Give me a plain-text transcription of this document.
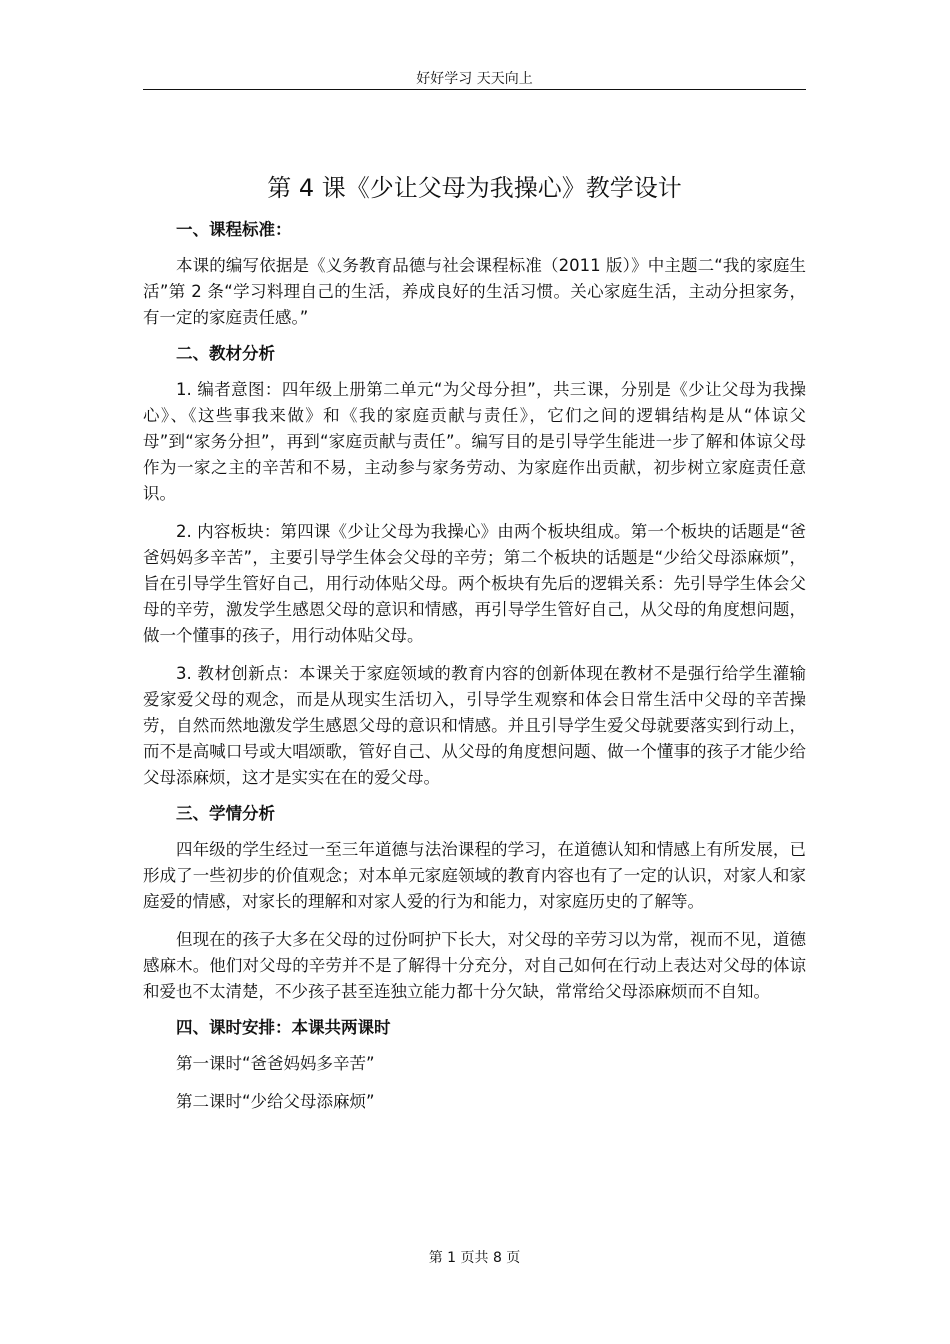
好好学习 天天向上
第 4 课《少让父母为我操心》教学设计
一、课程标准：

本课的编写依据是《义务教育品德与社会课程标准（2011 版）》中主题二“我的家庭生活”第 2 条“学习料理自己的生活，养成良好的生活习惯。关心家庭生活，主动分担家务，有一定的家庭责任感。”

二、教材分析

1. 编者意图：四年级上册第二单元“为父母分担”，共三课，分别是《少让父母为我操心》、《这些事我来做》和《我的家庭贡献与责任》，它们之间的逻辑结构是从“体谅父母”到“家务分担”，再到“家庭贡献与责任”。编写目的是引导学生能进一步了解和体谅父母作为一家之主的辛苦和不易，主动参与家务劳动、为家庭作出贡献，初步树立家庭责任意识。

2. 内容板块：第四课《少让父母为我操心》由两个板块组成。第一个板块的话题是“爸爸妈妈多辛苦”，主要引导学生体会父母的辛劳；第二个板块的话题是“少给父母添麻烦”，旨在引导学生管好自己，用行动体贴父母。两个板块有先后的逻辑关系：先引导学生体会父母的辛劳，激发学生感恩父母的意识和情感，再引导学生管好自己，从父母的角度想问题，做一个懂事的孩子，用行动体贴父母。

3. 教材创新点：本课关于家庭领域的教育内容的创新体现在教材不是强行给学生灌输爱家爱父母的观念，而是从现实生活切入，引导学生观察和体会日常生活中父母的辛苦操劳，自然而然地激发学生感恩父母的意识和情感。并且引导学生爱父母就要落实到行动上，而不是高喊口号或大唱颂歌，管好自己、从父母的角度想问题、做一个懂事的孩子才能少给父母添麻烦，这才是实实在在的爱父母。

三、学情分析

四年级的学生经过一至三年道德与法治课程的学习，在道德认知和情感上有所发展，已形成了一些初步的价值观念；对本单元家庭领域的教育内容也有了一定的认识，对家人和家庭爱的情感，对家长的理解和对家人爱的行为和能力，对家庭历史的了解等。

但现在的孩子大多在父母的过份呵护下长大，对父母的辛劳习以为常，视而不见，道德感麻木。他们对父母的辛劳并不是了解得十分充分，对自己如何在行动上表达对父母的体谅和爱也不太清楚，不少孩子甚至连独立能力都十分欠缺，常常给父母添麻烦而不自知。

四、课时安排：本课共两课时

第一课时“爸爸妈妈多辛苦”

第二课时“少给父母添麻烦”

第 1 页共 8 页
